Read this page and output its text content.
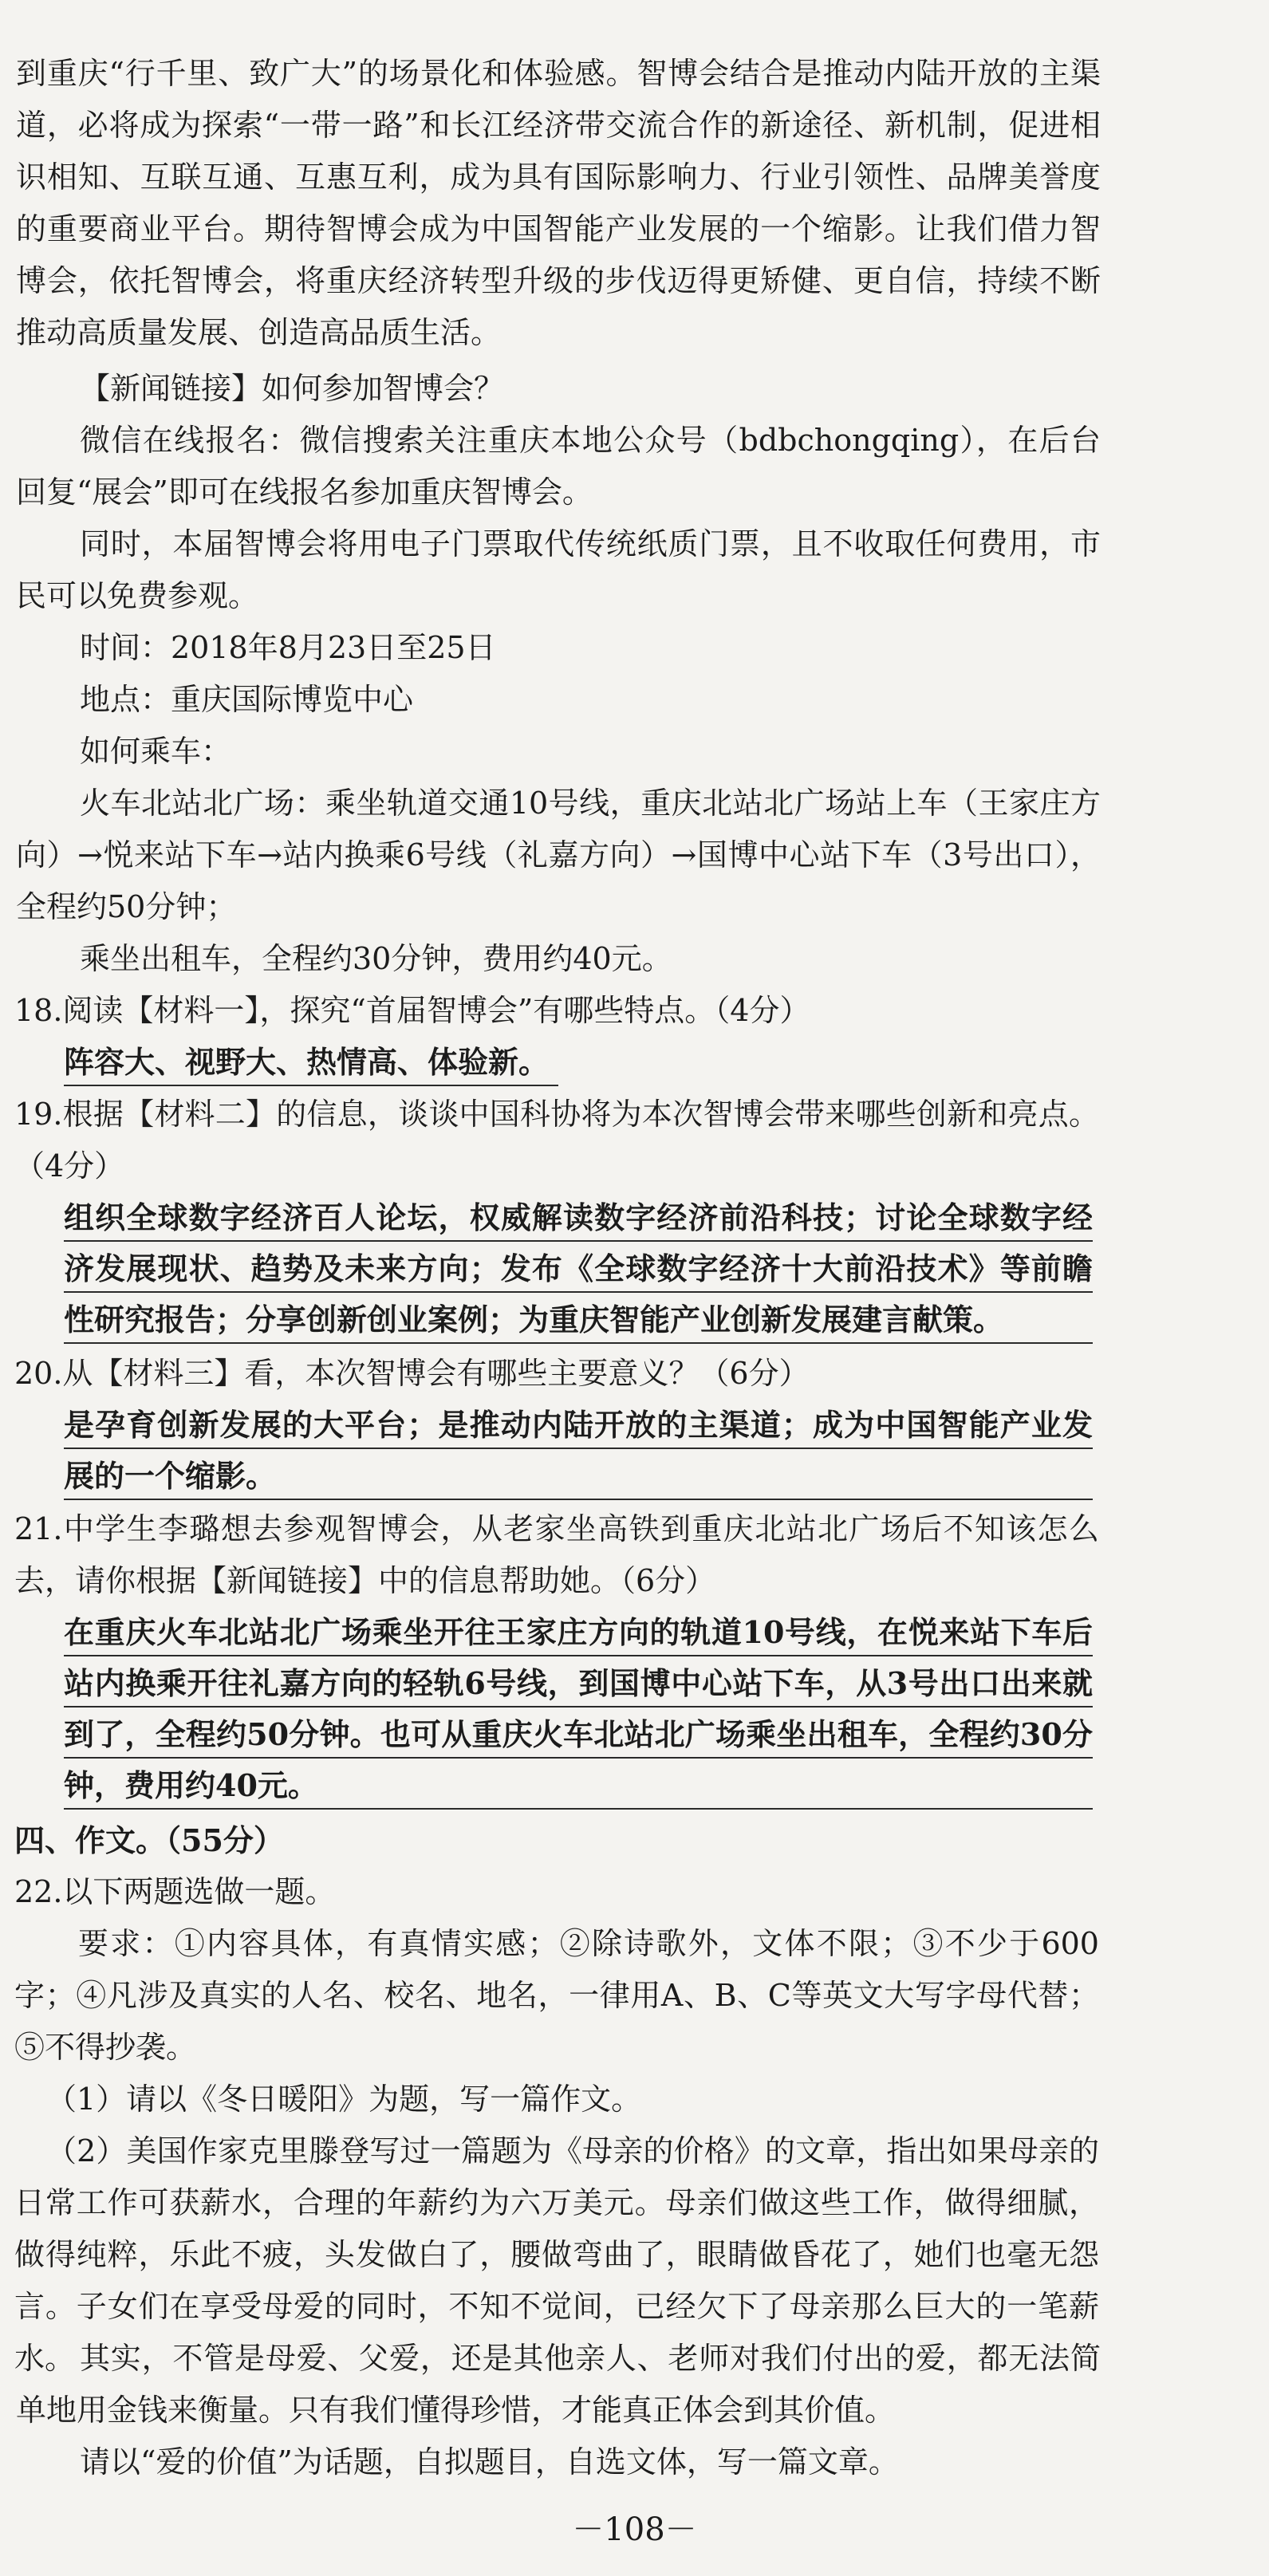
到重庆“行千里、致广大”的场景化和体验感。智博会结合是推动内陆开放的主渠道，必将成为探索“一带一路”和长江经济带交流合作的新途径、新机制，促进相识相知、互联互通、互惠互利，成为具有国际影响力、行业引领性、品牌美誉度的重要商业平台。期待智博会成为中国智能产业发展的一个缩影。让我们借力智博会，依托智博会，将重庆经济转型升级的步伐迈得更矫健、更自信，持续不断推动高质量发展、创造高品质生活。

【新闻链接】如何参加智博会？

微信在线报名：微信搜索关注重庆本地公众号（bdbchongqing），在后台回复“展会”即可在线报名参加重庆智博会。

同时，本届智博会将用电子门票取代传统纸质门票，且不收取任何费用，市民可以免费参观。

时间：2018年8月23日至25日

地点：重庆国际博览中心

如何乘车：

火车北站北广场：乘坐轨道交通10号线，重庆北站北广场站上车（王家庄方向）→悦来站下车→站内换乘6号线（礼嘉方向）→国博中心站下车（3号出口），全程约50分钟；

乘坐出租车，全程约30分钟，费用约40元。

18.阅读【材料一】，探究“首届智博会”有哪些特点。（4分）

阵容大、视野大、热情高、体验新。

19.根据【材料二】的信息，谈谈中国科协将为本次智博会带来哪些创新和亮点。（4分）

组织全球数字经济百人论坛，权威解读数字经济前沿科技；讨论全球数字经济发展现状、趋势及未来方向；发布《全球数字经济十大前沿技术》等前瞻性研究报告；分享创新创业案例；为重庆智能产业创新发展建言献策。

20.从【材料三】看，本次智博会有哪些主要意义？（6分）

是孕育创新发展的大平台；是推动内陆开放的主渠道；成为中国智能产业发展的一个缩影。

21.中学生李璐想去参观智博会，从老家坐高铁到重庆北站北广场后不知该怎么去，请你根据【新闻链接】中的信息帮助她。（6分）

在重庆火车北站北广场乘坐开往王家庄方向的轨道10号线，在悦来站下车后站内换乘开往礼嘉方向的轻轨6号线，到国博中心站下车，从3号出口出来就到了，全程约50分钟。也可从重庆火车北站北广场乘坐出租车，全程约30分钟，费用约40元。

四、作文。（55分）

22.以下两题选做一题。

要求：①内容具体，有真情实感；②除诗歌外，文体不限；③不少于600字；④凡涉及真实的人名、校名、地名，一律用A、B、C等英文大写字母代替；⑤不得抄袭。

（1）请以《冬日暖阳》为题，写一篇作文。

（2）美国作家克里滕登写过一篇题为《母亲的价格》的文章，指出如果母亲的日常工作可获薪水，合理的年薪约为六万美元。母亲们做这些工作，做得细腻，做得纯粹，乐此不疲，头发做白了，腰做弯曲了，眼睛做昏花了，她们也毫无怨言。子女们在享受母爱的同时，不知不觉间，已经欠下了母亲那么巨大的一笔薪水。 其实，不管是母爱、父爱，还是其他亲人、老师对我们付出的爱，都无法简单地用金钱来衡量。只有我们懂得珍惜，才能真正体会到其价值。

请以“爱的价值”为话题，自拟题目，自选文体，写一篇文章。

－108－
